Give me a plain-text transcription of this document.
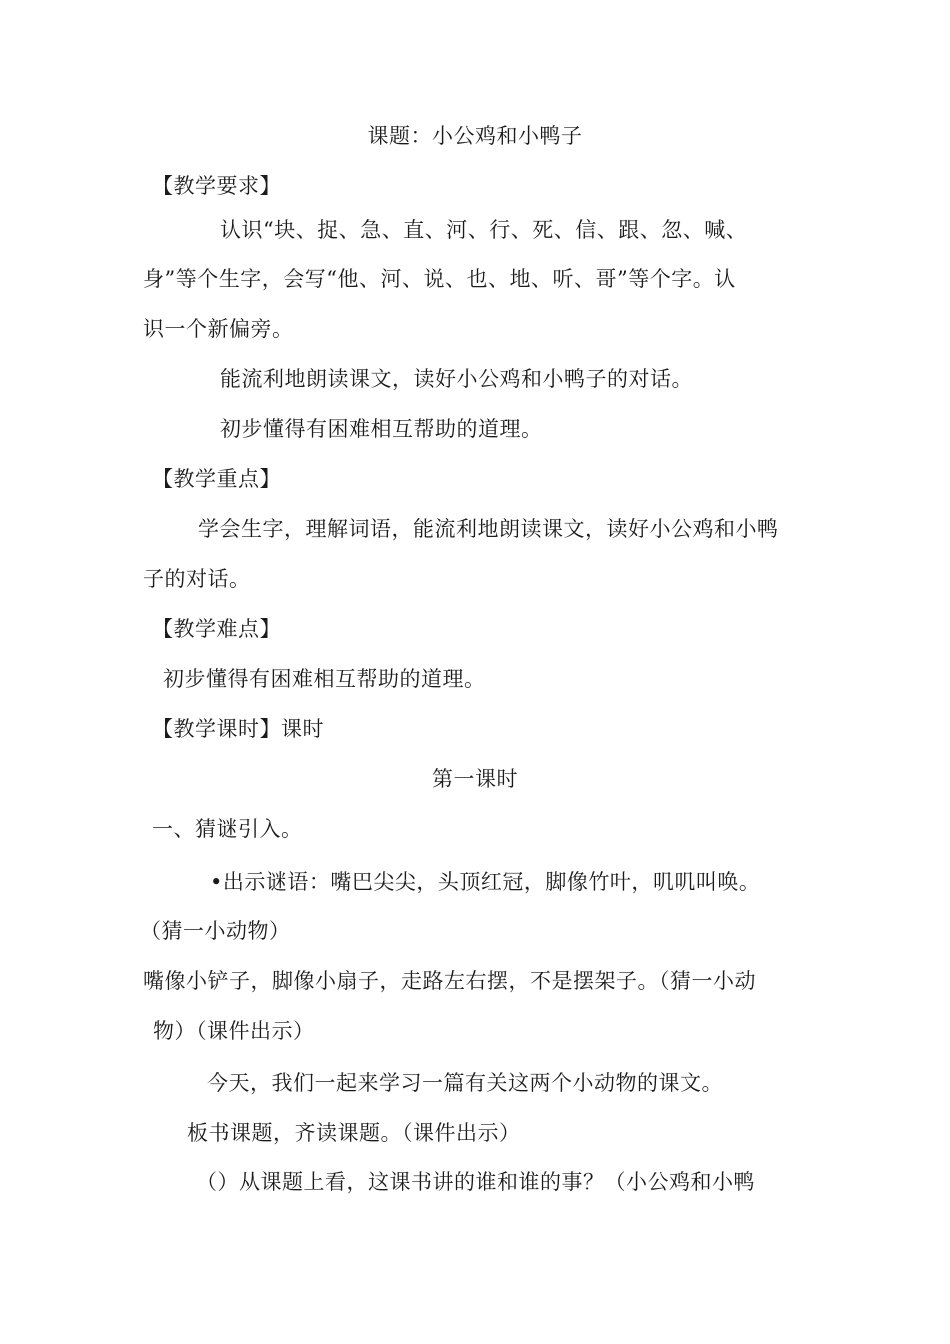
课题：小公鸡和小鸭子
【教学要求】
认识“块、捉、急、直、河、行、死、信、跟、忽、喊、
身”等个生字，会写“他、河、说、也、地、听、哥”等个字。认
识一个新偏旁。
能流利地朗读课文，读好小公鸡和小鸭子的对话。
初步懂得有困难相互帮助的道理。
【教学重点】
学会生字，理解词语，能流利地朗读课文，读好小公鸡和小鸭
子的对话。
【教学难点】
初步懂得有困难相互帮助的道理。
【教学课时】课时
第一课时
一、猜谜引入。
•出示谜语：嘴巴尖尖，头顶红冠，脚像竹叶，叽叽叫唤。
（猜一小动物）
嘴像小铲子，脚像小扇子，走路左右摆，不是摆架子。（猜一小动
物）（课件出示）
今天，我们一起来学习一篇有关这两个小动物的课文。
板书课题，齐读课题。（课件出示）
（）从课题上看，这课书讲的谁和谁的事？（小公鸡和小鸭
